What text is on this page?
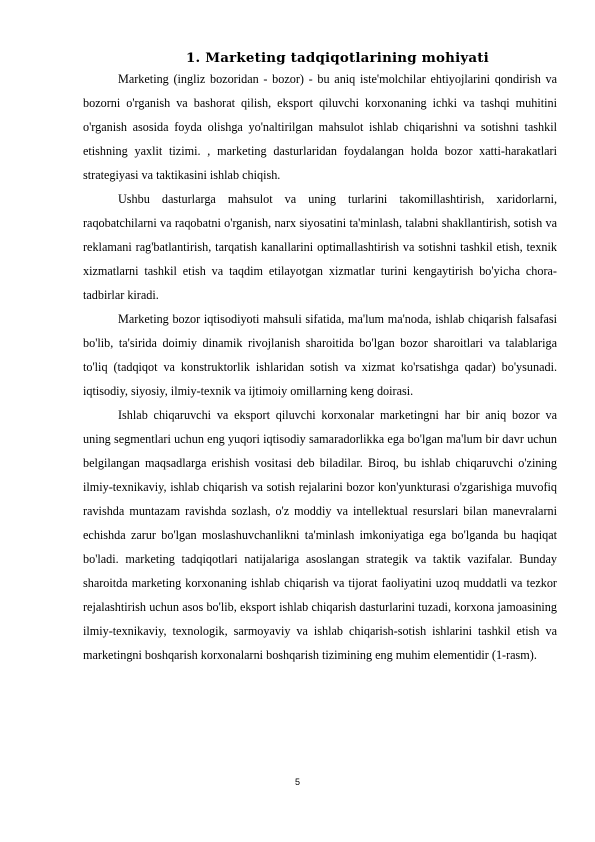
1. Marketing tadqiqotlarining mohiyati

Marketing (ingliz bozoridan - bozor) - bu aniq iste'molchilar ehtiyojlarini qondirish va bozorni o'rganish va bashorat qilish, eksport qiluvchi korxonaning ichki va tashqi muhitini o'rganish asosida foyda olishga yo'naltirilgan mahsulot ishlab chiqarishni va sotishni tashkil etishning yaxlit tizimi. , marketing dasturlaridan foydalangan holda bozor xatti-harakatlari strategiyasi va taktikasini ishlab chiqish.

Ushbu dasturlarga mahsulot va uning turlarini takomillashtirish, xaridorlarni, raqobatchilarni va raqobatni o'rganish, narx siyosatini ta'minlash, talabni shakllantirish, sotish va reklamani rag'batlantirish, tarqatish kanallarini optimallashtirish va sotishni tashkil etish, texnik xizmatlarni tashkil etish va taqdim etilayotgan xizmatlar turini kengaytirish bo'yicha chora-tadbirlar kiradi.

Marketing bozor iqtisodiyoti mahsuli sifatida, ma'lum ma'noda, ishlab chiqarish falsafasi bo'lib, ta'sirida doimiy dinamik rivojlanish sharoitida bo'lgan bozor sharoitlari va talablariga to'liq (tadqiqot va konstruktorlik ishlaridan sotish va xizmat ko'rsatishga qadar) bo'ysunadi. iqtisodiy, siyosiy, ilmiy-texnik va ijtimoiy omillarning keng doirasi.

Ishlab chiqaruvchi va eksport qiluvchi korxonalar marketingni har bir aniq bozor va uning segmentlari uchun eng yuqori iqtisodiy samaradorlikka ega bo'lgan ma'lum bir davr uchun belgilangan maqsadlarga erishish vositasi deb biladilar. Biroq, bu ishlab chiqaruvchi o'zining ilmiy-texnikaviy, ishlab chiqarish va sotish rejalarini bozor kon'yunkturasi o'zgarishiga muvofiq ravishda muntazam ravishda sozlash, o'z moddiy va intellektual resurslari bilan manevralarni echishda zarur bo'lgan moslashuvchanlikni ta'minlash imkoniyatiga ega bo'lganda bu haqiqat bo'ladi. marketing tadqiqotlari natijalariga asoslangan strategik va taktik vazifalar. Bunday sharoitda marketing korxonaning ishlab chiqarish va tijorat faoliyatini uzoq muddatli va tezkor rejalashtirish uchun asos bo'lib, eksport ishlab chiqarish dasturlarini tuzadi, korxona jamoasining ilmiy-texnikaviy, texnologik, sarmoyaviy va ishlab chiqarish-sotish ishlarini tashkil etish va marketingni boshqarish korxonalarni boshqarish tizimining eng muhim elementidir (1-rasm).

5
